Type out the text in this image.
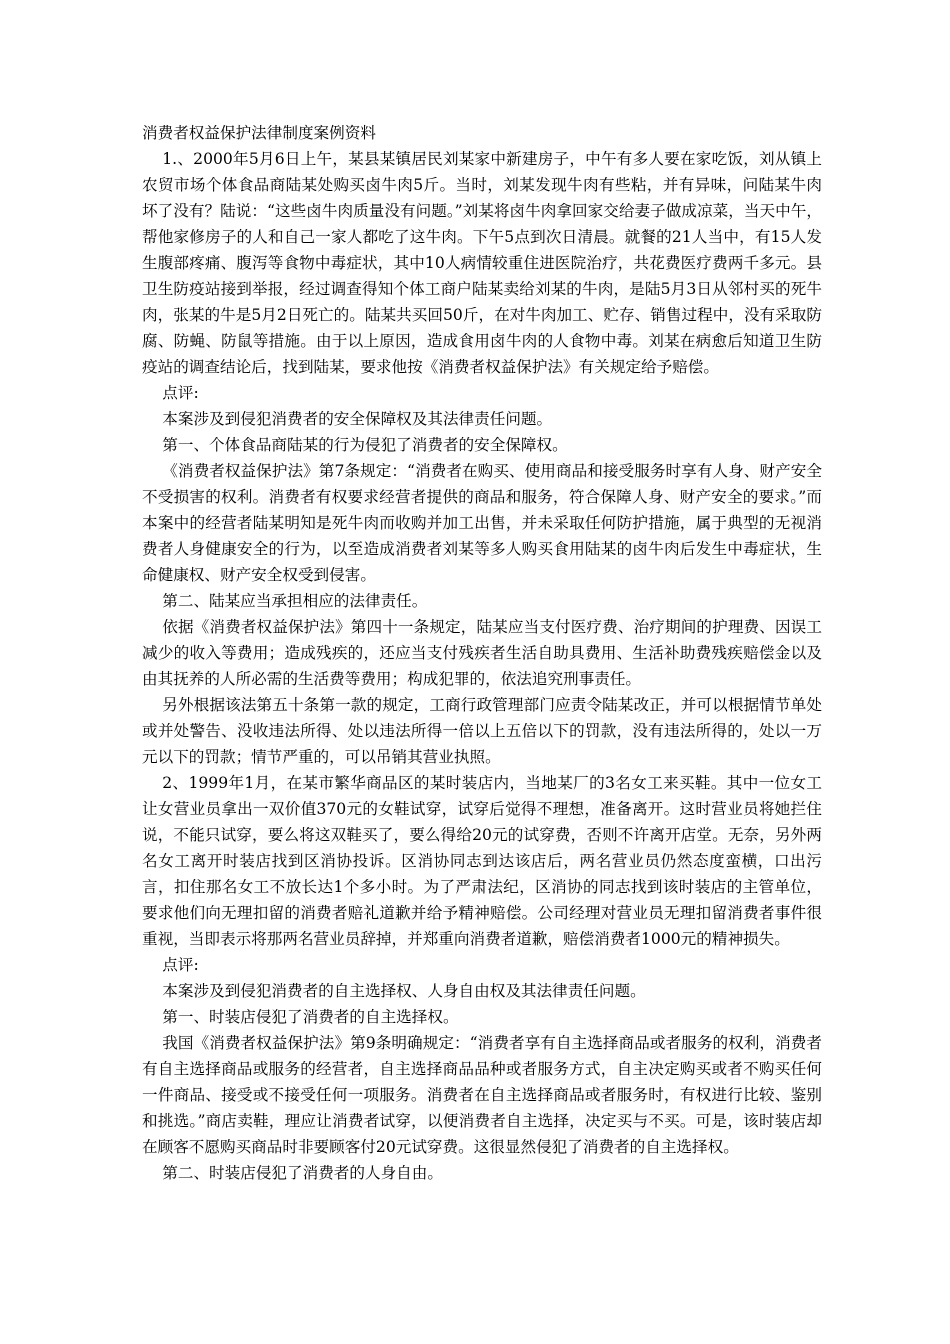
消费者权益保护法律制度案例资料

1.、2000年5月6日上午，某县某镇居民刘某家中新建房子，中午有多人要在家吃饭，刘从镇上农贸市场个体食品商陆某处购买卤牛肉5斤。当时，刘某发现牛肉有些粘，并有异味，问陆某牛肉坏了没有？陆说：“这些卤牛肉质量没有问题。”刘某将卤牛肉拿回家交给妻子做成凉菜，当天中午，帮他家修房子的人和自己一家人都吃了这牛肉。下午5点到次日清晨。就餐的21人当中，有15人发生腹部疼痛、腹泻等食物中毒症状，其中10人病情较重住进医院治疗，共花费医疗费两千多元。县卫生防疫站接到举报，经过调查得知个体工商户陆某卖给刘某的牛肉，是陆5月3日从邻村买的死牛肉，张某的牛是5月2日死亡的。陆某共买回50斤，在对牛肉加工、贮存、销售过程中，没有采取防腐、防蝇、防鼠等措施。由于以上原因，造成食用卤牛肉的人食物中毒。刘某在病愈后知道卫生防疫站的调查结论后，找到陆某，要求他按《消费者权益保护法》有关规定给予赔偿。

点评:

本案涉及到侵犯消费者的安全保障权及其法律责任问题。

第一、个体食品商陆某的行为侵犯了消费者的安全保障权。

《消费者权益保护法》第7条规定：“消费者在购买、使用商品和接受服务时享有人身、财产安全不受损害的权利。消费者有权要求经营者提供的商品和服务，符合保障人身、财产安全的要求。”而本案中的经营者陆某明知是死牛肉而收购并加工出售，并未采取任何防护措施，属于典型的无视消费者人身健康安全的行为，以至造成消费者刘某等多人购买食用陆某的卤牛肉后发生中毒症状，生命健康权、财产安全权受到侵害。

第二、陆某应当承担相应的法律责任。

依据《消费者权益保护法》第四十一条规定，陆某应当支付医疗费、治疗期间的护理费、因误工减少的收入等费用；造成残疾的，还应当支付残疾者生活自助具费用、生活补助费残疾赔偿金以及由其抚养的人所必需的生活费等费用；构成犯罪的，依法追究刑事责任。

另外根据该法第五十条第一款的规定，工商行政管理部门应责令陆某改正，并可以根据情节单处或并处警告、没收违法所得、处以违法所得一倍以上五倍以下的罚款，没有违法所得的，处以一万元以下的罚款；情节严重的，可以吊销其营业执照。

2、1999年1月，在某市繁华商品区的某时装店内，当地某厂的3名女工来买鞋。其中一位女工让女营业员拿出一双价值370元的女鞋试穿，试穿后觉得不理想，准备离开。这时营业员将她拦住说，不能只试穿，要么将这双鞋买了，要么得给20元的试穿费，否则不许离开店堂。无奈，另外两名女工离开时装店找到区消协投诉。区消协同志到达该店后，两名营业员仍然态度蛮横，口出污言，扣住那名女工不放长达1个多小时。为了严肃法纪，区消协的同志找到该时装店的主管单位，要求他们向无理扣留的消费者赔礼道歉并给予精神赔偿。公司经理对营业员无理扣留消费者事件很重视，当即表示将那两名营业员辞掉，并郑重向消费者道歉，赔偿消费者1000元的精神损失。

点评:

本案涉及到侵犯消费者的自主选择权、人身自由权及其法律责任问题。

第一、时装店侵犯了消费者的自主选择权。

我国《消费者权益保护法》第9条明确规定：“消费者享有自主选择商品或者服务的权利，消费者有自主选择商品或服务的经营者，自主选择商品品种或者服务方式，自主决定购买或者不购买任何一件商品、接受或不接受任何一项服务。消费者在自主选择商品或者服务时，有权进行比较、鉴别和挑选。”商店卖鞋，理应让消费者试穿，以便消费者自主选择，决定买与不买。可是，该时装店却在顾客不愿购买商品时非要顾客付20元试穿费。这很显然侵犯了消费者的自主选择权。

第二、时装店侵犯了消费者的人身自由。
